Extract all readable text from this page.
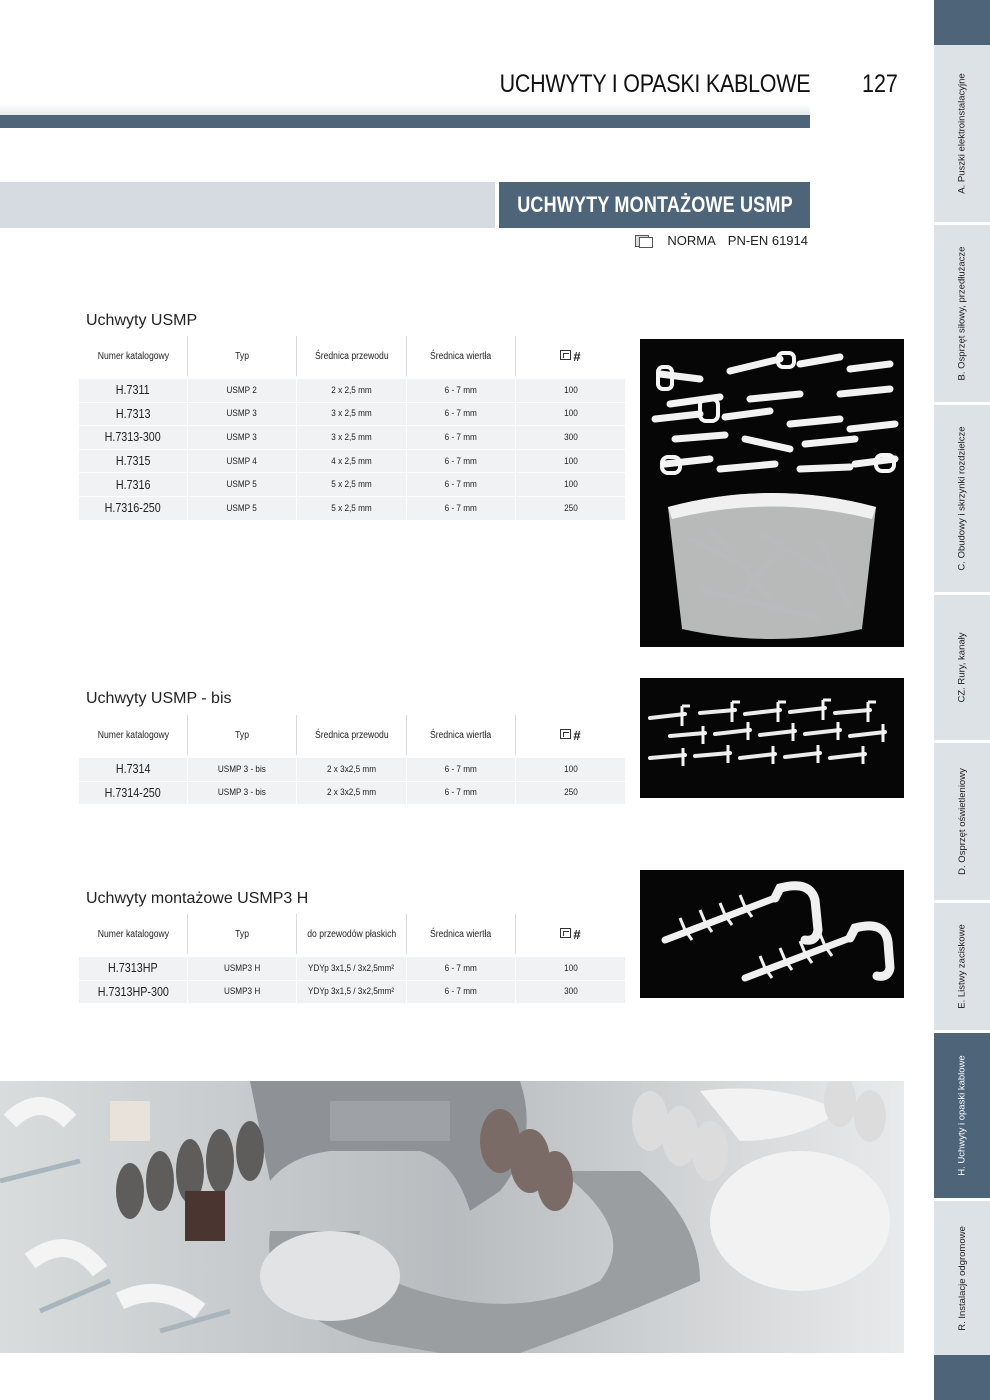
UCHWYTY I OPASKI KABLOWE 127
UCHWYTY MONTAŻOWE USMP
NORMA PN-EN 61914
Uchwyty USMP
Numer katalogowy	Typ	Średnica przewodu	Średnica wiertła	#
H.7311	USMP 2	2 x 2,5 mm	6 - 7 mm	100
H.7313	USMP 3	3 x 2,5 mm	6 - 7 mm	100
H.7313-300	USMP 3	3 x 2,5 mm	6 - 7 mm	300
H.7315	USMP 4	4 x 2,5 mm	6 - 7 mm	100
H.7316	USMP 5	5 x 2,5 mm	6 - 7 mm	100
H.7316-250	USMP 5	5 x 2,5 mm	6 - 7 mm	250
Uchwyty USMP - bis
Numer katalogowy	Typ	Średnica przewodu	Średnica wiertła	#
H.7314	USMP 3 - bis	2 x 3x2,5 mm	6 - 7 mm	100
H.7314-250	USMP 3 - bis	2 x 3x2,5 mm	6 - 7 mm	250
Uchwyty montażowe USMP3 H
Numer katalogowy	Typ	do przewodów płaskich	Średnica wiertła	#
H.7313HP	USMP3 H	YDYp 3x1,5 / 3x2,5mm²	6 - 7 mm	100
H.7313HP-300	USMP3 H	YDYp 3x1,5 / 3x2,5mm²	6 - 7 mm	300
A. Puszki elektroinstalacyjne
B. Osprzęt siłowy, przedłużacze
C. Obudowy i skrzynki rozdzielcze
CZ. Rury, kanały
D. Osprzęt oświetleniowy
E. Listwy zaciskowe
H. Uchwyty i opaski kablowe
R. Instalacje odgromowe
